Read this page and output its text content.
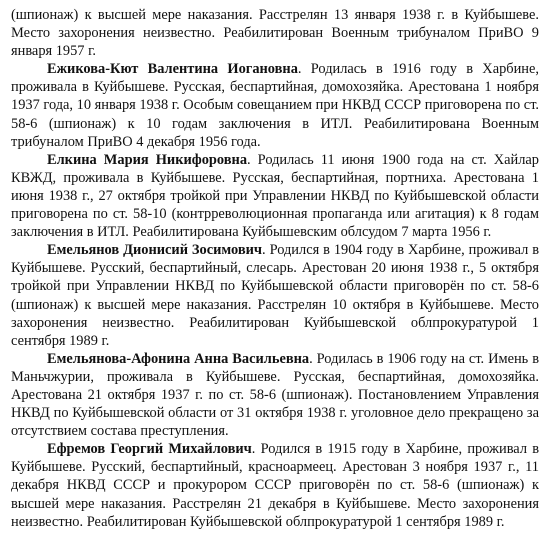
(шпионаж) к высшей мере наказания. Расстрелян 13 января 1938 г. в Куйбышеве. Место захоронения неизвестно. Реабилитирован Военным трибуналом ПриВО 9 января 1957 г.

Ежикова-Кют Валентина Иогановна. Родилась в 1916 году в Харбине, проживала в Куйбышеве. Русская, беспартийная, домохозяйка. Арестована 1 ноября 1937 года, 10 января 1938 г. Особым совещанием при НКВД СССР приговорена по ст. 58-6 (шпионаж) к 10 годам заключения в ИТЛ. Реабилитирована Военным трибуналом ПриВО 4 декабря 1956 года.

Елкина Мария Никифоровна. Родилась 11 июня 1900 года на ст. Хайлар КВЖД, проживала в Куйбышеве. Русская, беспартийная, портниха. Арестована 1 июня 1938 г., 27 октября тройкой при Управлении НКВД по Куйбышевской области приговорена по ст. 58-10 (контрреволюционная пропаганда или агитация) к 8 годам заключения в ИТЛ. Реабилитирована Куйбышевским облсудом 7 марта 1956 г.

Емельянов Дионисий Зосимович. Родился в 1904 году в Харбине, проживал в Куйбышеве. Русский, беспартийный, слесарь. Арестован 20 июня 1938 г., 5 октября тройкой при Управлении НКВД по Куйбышевской области приговорён по ст. 58-6 (шпионаж) к высшей мере наказания. Расстрелян 10 октября в Куйбышеве. Место захоронения неизвестно. Реабилитирован Куйбышевской облпрокуратурой 1 сентября 1989 г.

Емельянова-Афонина Анна Васильевна. Родилась в 1906 году на ст. Имень в Маньчжурии, проживала в Куйбышеве. Русская, беспартийная, домохозяйка. Арестована 21 октября 1937 г. по ст. 58-6 (шпионаж). Постановлением Управления НКВД по Куйбышевской области от 31 октября 1938 г. уголовное дело прекращено за отсутствием состава преступления.

Ефремов Георгий Михайлович. Родился в 1915 году в Харбине, проживал в Куйбышеве. Русский, беспартийный, красноармеец. Арестован 3 ноября 1937 г., 11 декабря НКВД СССР и прокурором СССР приговорён по ст. 58-6 (шпионаж) к высшей мере наказания. Расстрелян 21 декабря в Куйбышеве. Место захоронения неизвестно. Реабилитирован Куйбышевской облпрокуратурой 1 сентября 1989 г.
